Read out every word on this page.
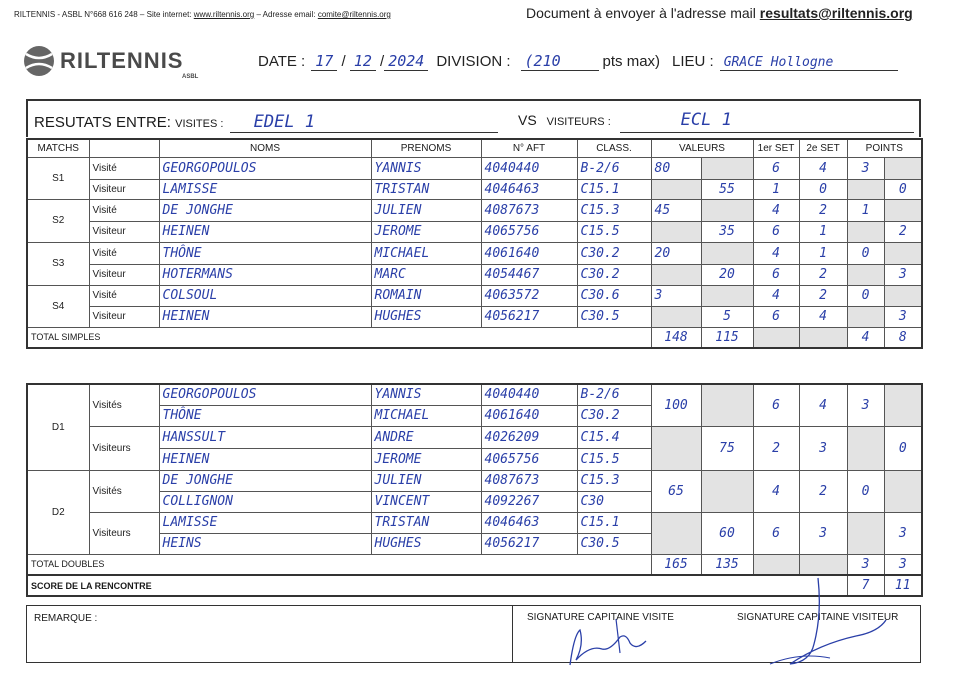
RILTENNIS - ASBL N°668 616 248 – Site internet: www.riltennis.org – Adresse email: comite@riltennis.org	Document à envoyer à l'adresse mail resultats@riltennis.org
RILTENNIS
ASBL
DATE : 17 / 12 / 2024 DIVISION : (210	pts max) LIEU : GRACE Hollogne
RESUTATS ENTRE: VISITES : EDEL 1	VS VISITEURS :	ECL 1
MATCHS		NOMS	PRENOMS	N° AFT	CLASS.	VALEURS		1er SET	2e SET	POINTS	
S1	Visité	GEORGOPOULOS	YANNIS	4040440	B-2/6	80		6	4	3	
	Visiteur	LAMISSE	TRISTAN	4046463	C15.1		55	1	0		0
S2	Visité	DE JONGHE	JULIEN	4087673	C15.3	45		4	2	1	
	Visiteur	HEINEN	JEROME	4065756	C15.5		35	6	1		2
S3	Visité	THÔNE	MICHAEL	4061640	C30.2	20		4	1	0	
	Visiteur	HOTERMANS	MARC	4054467	C30.2		20	6	2		3
S4	Visité	COLSOUL	ROMAIN	4063572	C30.6	3		4	2	0	
	Visiteur	HEINEN	HUGHES	4056217	C30.5		5	6	4		3
TOTAL SIMPLES						148	115			4	8
D1	Visités	GEORGOPOULOS	YANNIS	4040440	B-2/6	100		6	4	3	
		THÔNE	MICHAEL	4061640	C30.2						
	Visiteurs	HANSSULT	ANDRE	4026209	C15.4		75	2	3		0
		HEINEN	JEROME	4065756	C15.5						
D2	Visités	DE JONGHE	JULIEN	4087673	C15.3	65		4	2	0	
		COLLIGNON	VINCENT	4092267	C30						
	Visiteurs	LAMISSE	TRISTAN	4046463	C15.1		60	6	3		3
		HEINS	HUGHES	4056217	C30.5						
TOTAL DOUBLES						165	135			3	3
SCORE DE LA RENCONTRE										7	11
REMARQUE :	SIGNATURE CAPITAINE VISITE	SIGNATURE CAPITAINE VISITEUR
